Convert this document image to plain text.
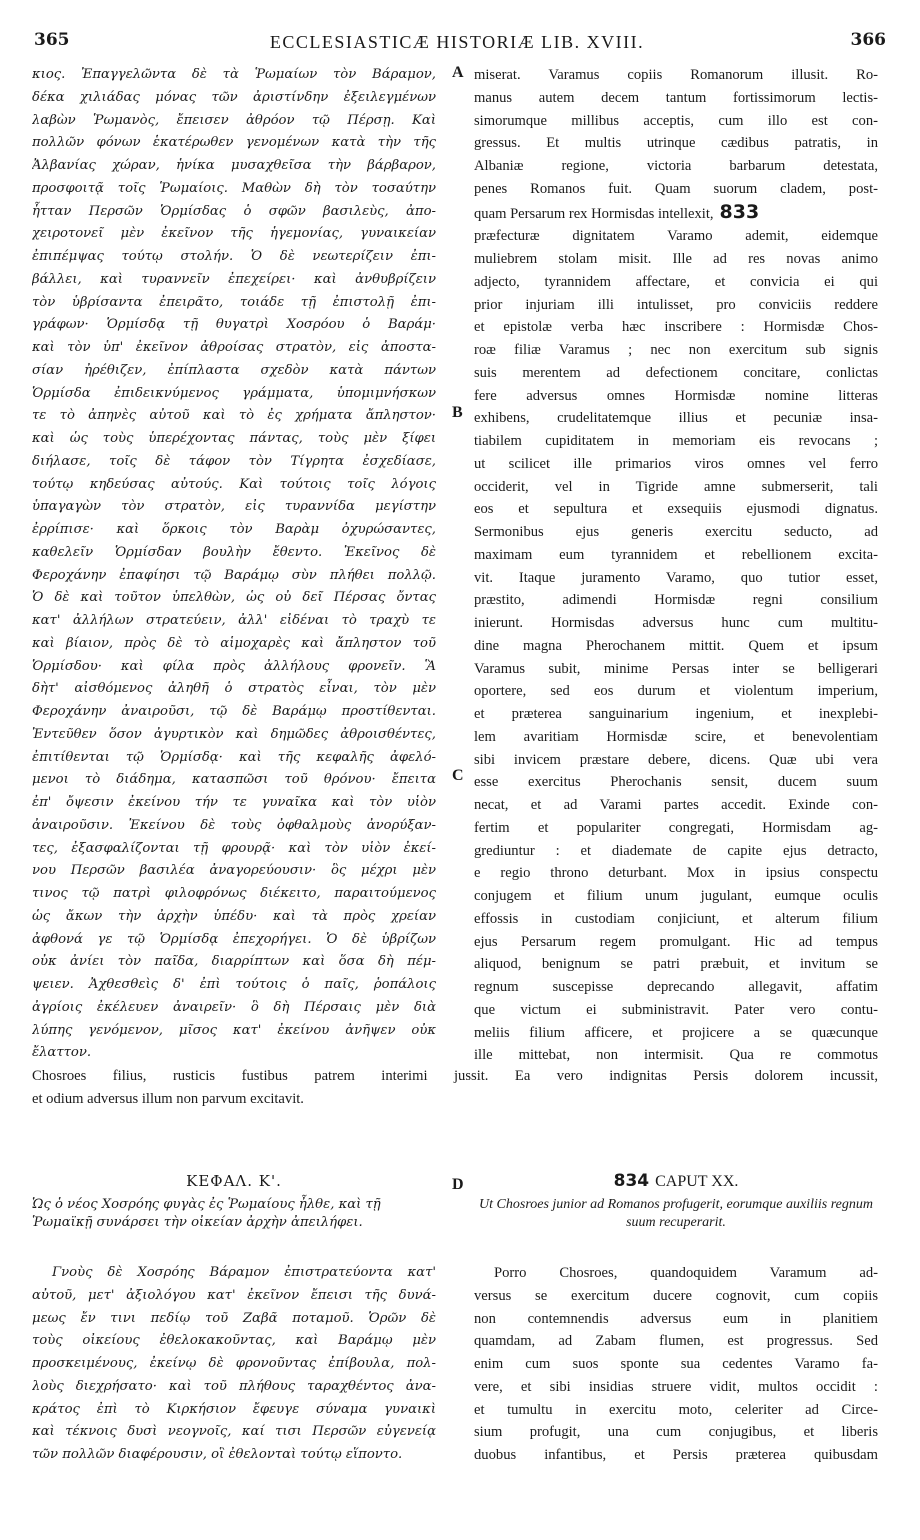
365	ECCLESIASTICÆ HISTORIÆ LIB. XVIII.	366
A
B
C
D
κιος. Ἐπαγγελῶντα δὲ τὰ Ῥωμαίων τὸν Βάραμον,
δέκα χιλιάδας μόνας τῶν ἀριστίνδην ἐξειλεγμένων
λαβὼν Ῥωμανὸς, ἔπεισεν ἀθρόον τῷ Πέρσῃ. Καὶ
πολλῶν φόνων ἑκατέρωθεν γενομένων κατὰ τὴν τῆς
Ἀλβανίας χώραν, ἡνίκα μυσαχθεῖσα τὴν βάρβαρον,
προσφοιτᾷ τοῖς Ῥωμαίοις. Μαθὼν δὴ τὸν τοσαύτην
ἧτταν Περσῶν Ὁρμίσδας ὁ σφῶν βασιλεὺς, ἀπο-
χειροτονεῖ μὲν ἐκεῖνον τῆς ἡγεμονίας, γυναικείαν
ἐπιπέμψας τούτῳ στολήν. Ὁ δὲ νεωτερίζειν ἐπι-
βάλλει, καὶ τυραννεῖν ἐπεχείρει· καὶ ἀνθυβρίζειν
τὸν ὑβρίσαντα ἐπειρᾶτο, τοιάδε τῇ ἐπιστολῇ ἐπι-
γράφων· Ὁρμίσδᾳ τῇ θυγατρὶ Χοσρόου ὁ Βαράμ·
καὶ τὸν ὑπ' ἐκεῖνον ἀθροίσας στρατὸν, εἰς ἀποστα-
σίαν ἠρέθιζεν, ἐπίπλαστα σχεδὸν κατὰ πάντων
Ὁρμίσδα ἐπιδεικνύμενος γράμματα, ὑπομιμνήσκων
τε τὸ ἀπηνὲς αὐτοῦ καὶ τὸ ἐς χρήματα ἄπληστον·
καὶ ὡς τοὺς ὑπερέχοντας πάντας, τοὺς μὲν ξίφει
διήλασε, τοῖς δὲ τάφον τὸν Τίγρητα ἐσχεδίασε,
τούτῳ κηδεύσας αὐτούς. Καὶ τούτοις τοῖς λόγοις
ὑπαγαγὼν τὸν στρατὸν, εἰς τυραννίδα μεγίστην
ἐρρίπισε· καὶ ὅρκοις τὸν Βαρὰμ ὀχυρώσαντες,
καθελεῖν Ὁρμίσδαν βουλὴν ἔθεντο. Ἐκεῖνος δὲ
Φεροχάνην ἐπαφίησι τῷ Βαράμῳ σὺν πλήθει πολλῷ.
Ὁ δὲ καὶ τοῦτον ὑπελθὼν, ὡς οὐ δεῖ Πέρσας ὄντας
κατ' ἀλλήλων στρατεύειν, ἀλλ' εἰδέναι τὸ τραχὺ τε
καὶ βίαιον, πρὸς δὲ τὸ αἱμοχαρὲς καὶ ἄπληστον τοῦ
Ὁρμίσδου· καὶ φίλα πρὸς ἀλλήλους φρονεῖν. Ἃ
δὴτ' αἰσθόμενος ἀληθῆ ὁ στρατὸς εἶναι, τὸν μὲν
Φεροχάνην ἀναιροῦσι, τῷ δὲ Βαράμῳ προστίθενται.
Ἐντεῦθεν ὅσον ἀγυρτικὸν καὶ δημῶδες ἀθροισθέντες,
ἐπιτίθενται τῷ Ὁρμίσδᾳ· καὶ τῆς κεφαλῆς ἀφελό-
μενοι τὸ διάδημα, κατασπῶσι τοῦ θρόνου· ἔπειτα
ἐπ' ὄψεσιν ἐκείνου τήν τε γυναῖκα καὶ τὸν υἱὸν
ἀναιροῦσιν. Ἐκείνου δὲ τοὺς ὀφθαλμοὺς ἀνορύξαν-
τες, ἐξασφαλίζονται τῇ φρουρᾷ· καὶ τὸν υἱὸν ἐκεί-
νου Περσῶν βασιλέα ἀναγορεύουσιν· ὃς μέχρι μὲν
τινος τῷ πατρὶ φιλοφρόνως διέκειτο, παραιτούμενος
ὡς ἄκων τὴν ἀρχὴν ὑπέδυ· καὶ τὰ πρὸς χρείαν
ἀφθονά γε τῷ Ὁρμίσδᾳ ἐπεχορήγει. Ὁ δὲ ὑβρίζων
οὐκ ἀνίει τὸν παῖδα, διαρρίπτων καὶ ὅσα δὴ πέμ-
ψειεν. Ἀχθεσθεὶς δ' ἐπὶ τούτοις ὁ παῖς, ῥοπάλοις
ἀγρίοις ἐκέλευεν ἀναιρεῖν· ὃ δὴ Πέρσαις μὲν διὰ
λύπης γενόμενον, μῖσος κατ' ἐκείνου ἀνῆψεν οὐκ
ἔλαττον.
miserat. Varamus copiis Romanorum illusit. Ro-
manus autem decem tantum fortissimorum lectis-
simorumque millibus acceptis, cum illo est con-
gressus. Et multis utrinque cædibus patratis, in
Albaniæ regione, victoria barbarum detestata,
penes Romanos fuit. Quam suorum cladem, post-
quam Persarum rex Hormisdas intellexit, 833
præfecturæ dignitatem Varamo ademit, eidemque
muliebrem stolam misit. Ille ad res novas animo
adjecto, tyrannidem affectare, et convicia ei qui
prior injuriam illi intulisset, pro conviciis reddere
et epistolæ verba hæc inscribere : Hormisdæ Chos-
roæ filiæ Varamus ; nec non exercitum sub signis
suis merentem ad defectionem concitare, conlictas
fere adversus omnes Hormisdæ nomine litteras
exhibens, crudelitatemque illius et pecuniæ insa-
tiabilem cupiditatem in memoriam eis revocans ;
ut scilicet ille primarios viros omnes vel ferro
occiderit, vel in Tigride amne submerserit, tali
eos et sepultura et exsequiis ejusmodi dignatus.
Sermonibus ejus generis exercitu seducto, ad
maximam eum tyrannidem et rebellionem excita-
vit. Itaque juramento Varamo, quo tutior esset,
præstito, adimendi Hormisdæ regni consilium
inierunt. Hormisdas adversus hunc cum multitu-
dine magna Pherochanem mittit. Quem et ipsum
Varamus subit, minime Persas inter se belligerari
oportere, sed eos durum et violentum imperium,
et præterea sanguinarium ingenium, et inexplebi-
lem avaritiam Hormisdæ scire, et benevolentiam
sibi invicem præstare debere, dicens. Quæ ubi vera
esse exercitus Pherochanis sensit, ducem suum
necat, et ad Varami partes accedit. Exinde con-
fertim et populariter congregati, Hormisdam ag-
grediuntur : et diademate de capite ejus detracto,
e regio throno deturbant. Mox in ipsius conspectu
conjugem et filium unum jugulant, eumque oculis
effossis in custodiam conjiciunt, et alterum filium
ejus Persarum regem promulgant. Hic ad tempus
aliquod, benignum se patri præbuit, et invitum se
regnum suscepisse deprecando allegavit, affatim
que victum ei subministravit. Pater vero contu-
meliis filium afficere, et projicere a se quæcunque
ille mittebat, non intermisit. Qua re commotus
Chosroes filius, rusticis fustibus patrem interimi jussit. Ea vero indignitas Persis dolorem incussit,
et odium adversus illum non parvum excitavit.
ΚΕΦΑΛ. Κ'.	834 CAPUT XX.
Ὡς ὁ νέος Χοσρόης φυγὰς ἐς Ῥωμαίους ἦλθε, καὶ τῇ Ῥωμαϊκῇ συνάρσει τὴν οἰκείαν ἀρχὴν ἀπειλήφει.
Ut Chosroes junior ad Romanos profugerit, eorumque auxiliis regnum suum recuperarit.
Γνοὺς δὲ Χοσρόης Βάραμον ἐπιστρατεύοντα κατ'
αὐτοῦ, μετ' ἀξιολόγου κατ' ἐκεῖνον ἔπεισι τῆς δυνά-
μεως ἔν τινι πεδίῳ τοῦ Ζαβᾶ ποταμοῦ. Ὁρῶν δὲ
τοὺς οἰκείους ἐθελοκακοῦντας, καὶ Βαράμῳ μὲν
προσκειμένους, ἐκείνῳ δὲ φρονοῦντας ἐπίβουλα, πολ-
λοὺς διεχρήσατο· καὶ τοῦ πλήθους ταραχθέντος ἀνα-
κράτος ἐπὶ τὸ Κιρκήσιον ἔφευγε σύναμα γυναικὶ
καὶ τέκνοις δυσὶ νεογνοῖς, καί τισι Περσῶν εὐγενείᾳ
τῶν πολλῶν διαφέρουσιν, οἳ ἐθελονταὶ τούτῳ εἵποντο.
Porro Chosroes, quandoquidem Varamum ad-
versus se exercitum ducere cognovit, cum copiis
non contemnendis adversus eum in planitiem
quamdam, ad Zabam flumen, est progressus. Sed
enim cum suos sponte sua cedentes Varamo fa-
vere, et sibi insidias struere vidit, multos occidit :
et tumultu in exercitu moto, celeriter ad Circe-
sium profugit, una cum conjugibus, et liberis
duobus infantibus, et Persis præterea quibusdam
